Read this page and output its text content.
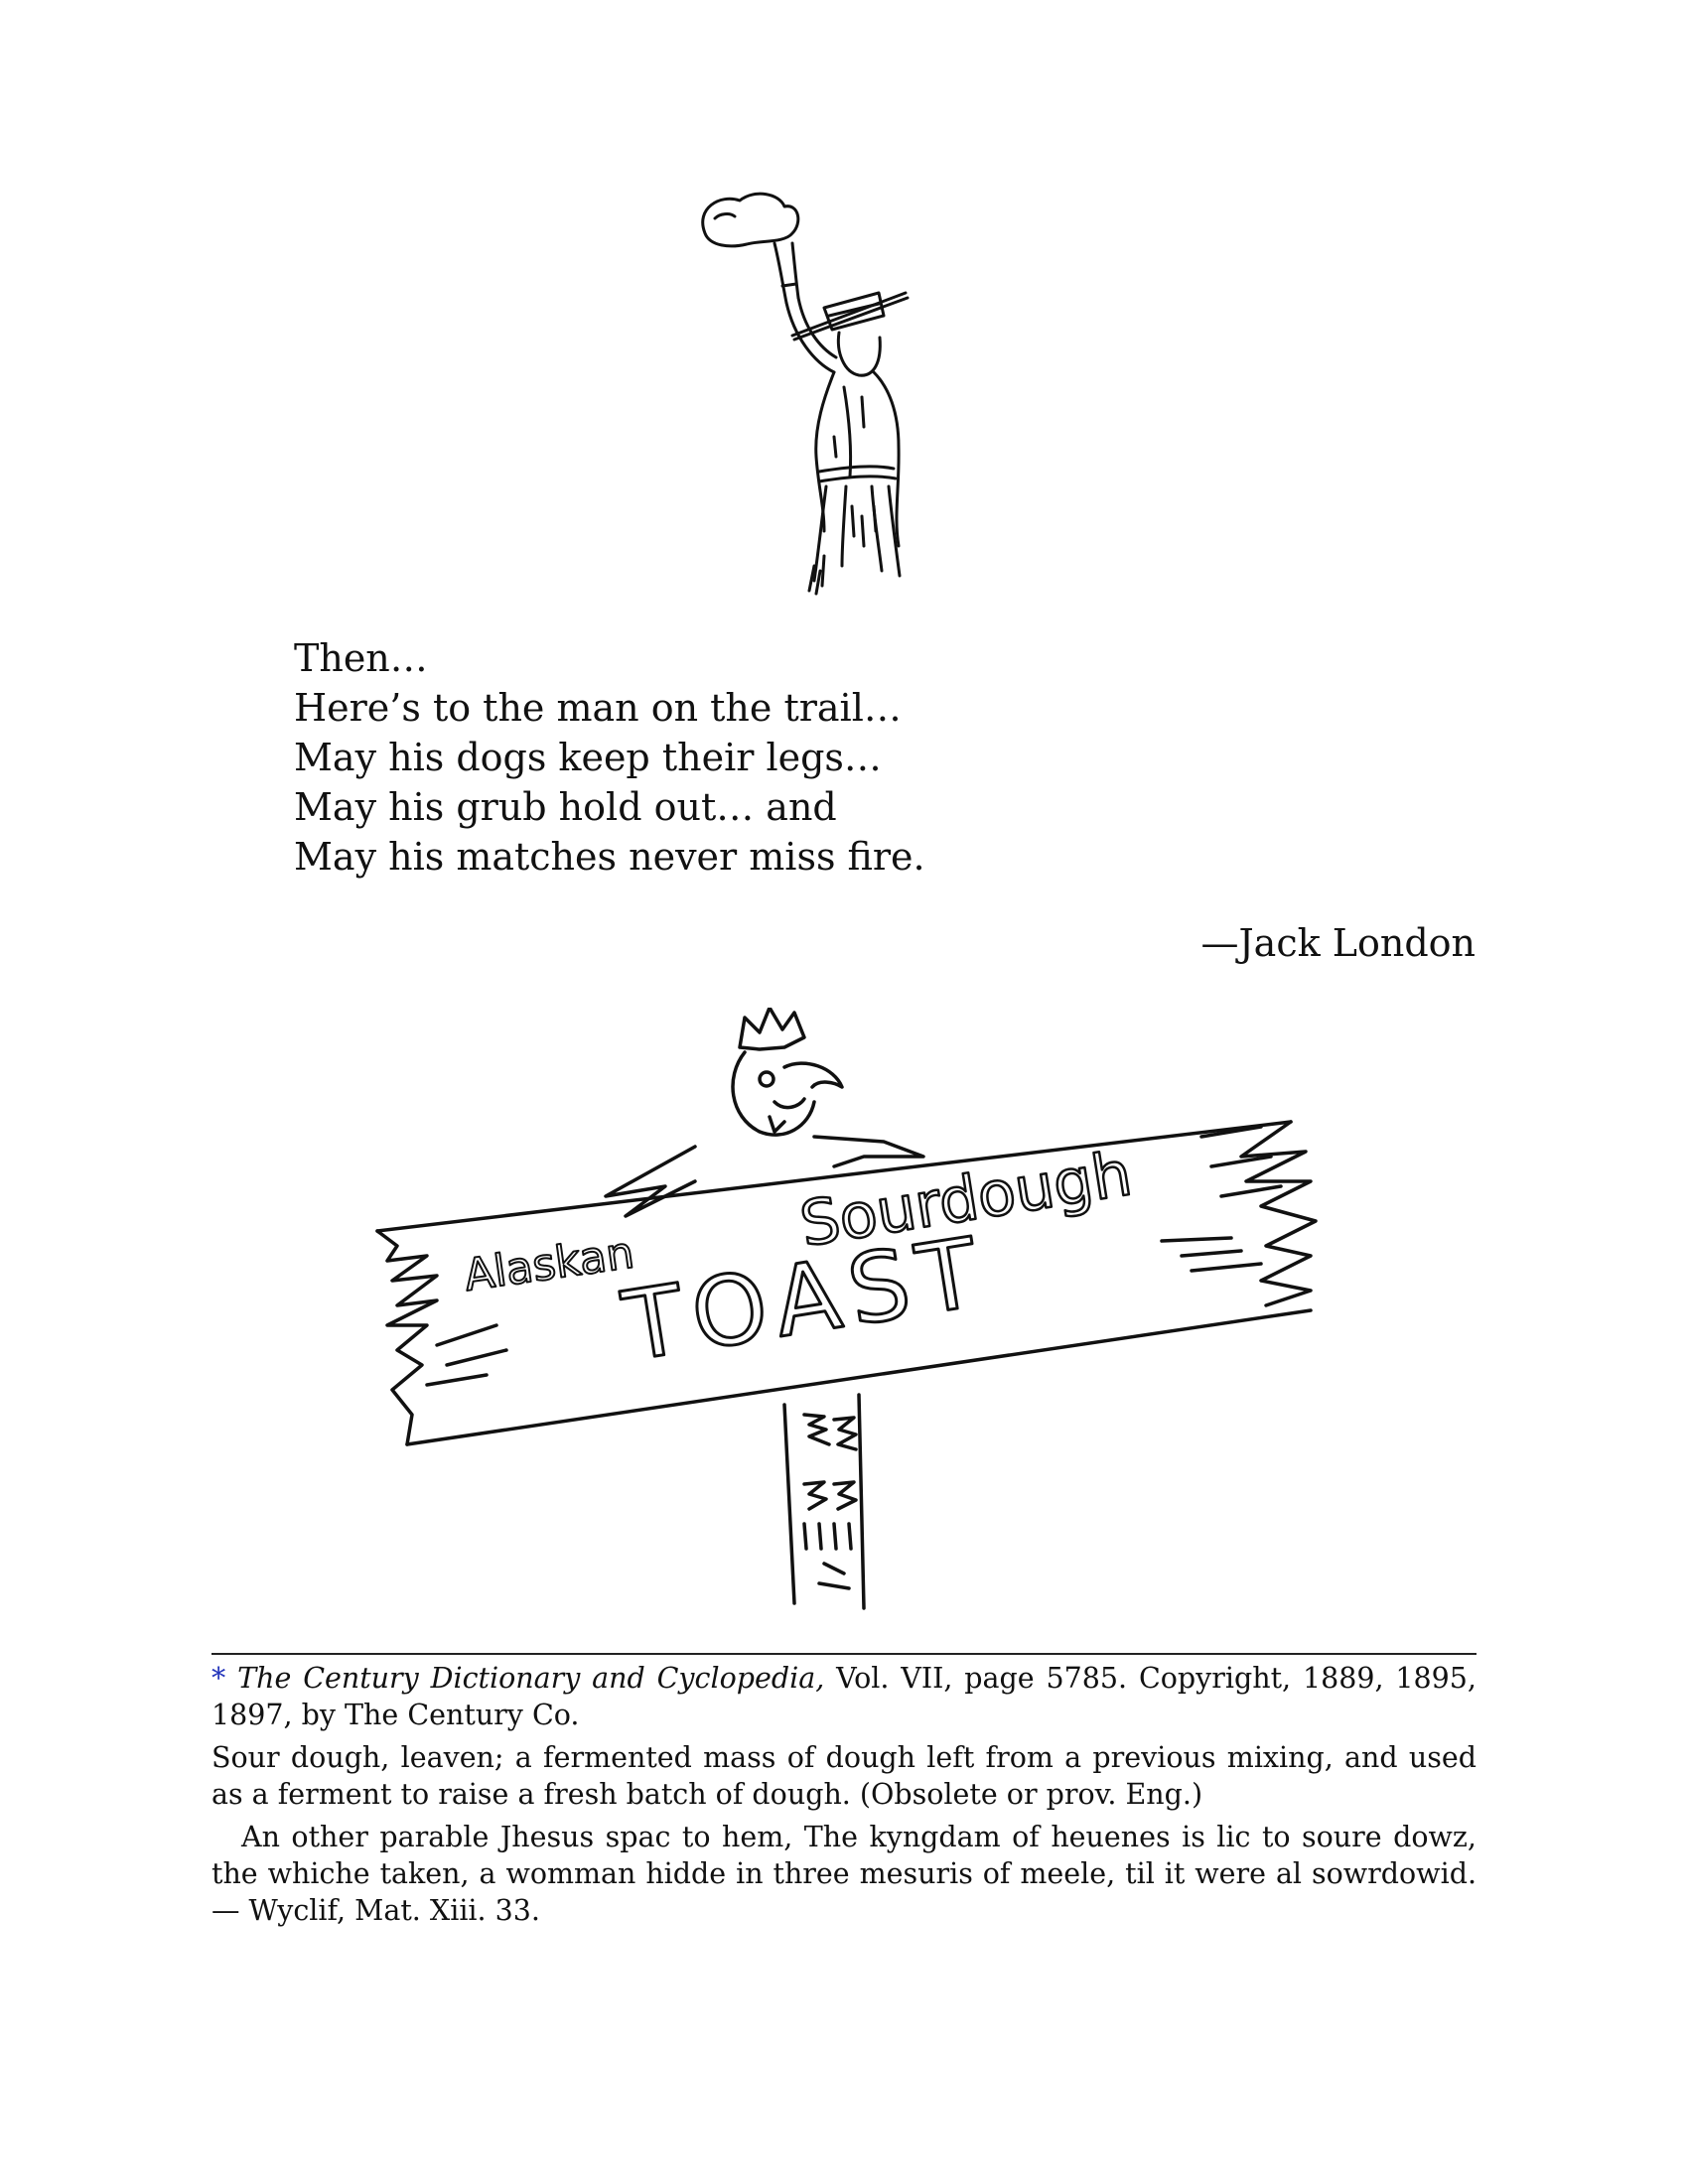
Then…
Here’s to the man on the trail…
May his dogs keep their legs…
May his grub hold out… and
May his matches never miss fire.
—Jack London
Alaskan
Sourdough
TOAST

* The Century Dictionary and Cyclopedia, Vol. VII, page 5785. Copyright, 1889, 1895, 1897, by The Century Co.

Sour dough, leaven; a fermented mass of dough left from a previous mixing, and used as a ferment to raise a fresh batch of dough. (Obsolete or prov. Eng.)

An other parable Jhesus spac to hem, The kyngdam of heuenes is lic to soure dowz, the whiche taken, a womman hidde in three mesuris of meele, til it were al sowrdowid. — Wyclif, Mat. Xiii. 33.
